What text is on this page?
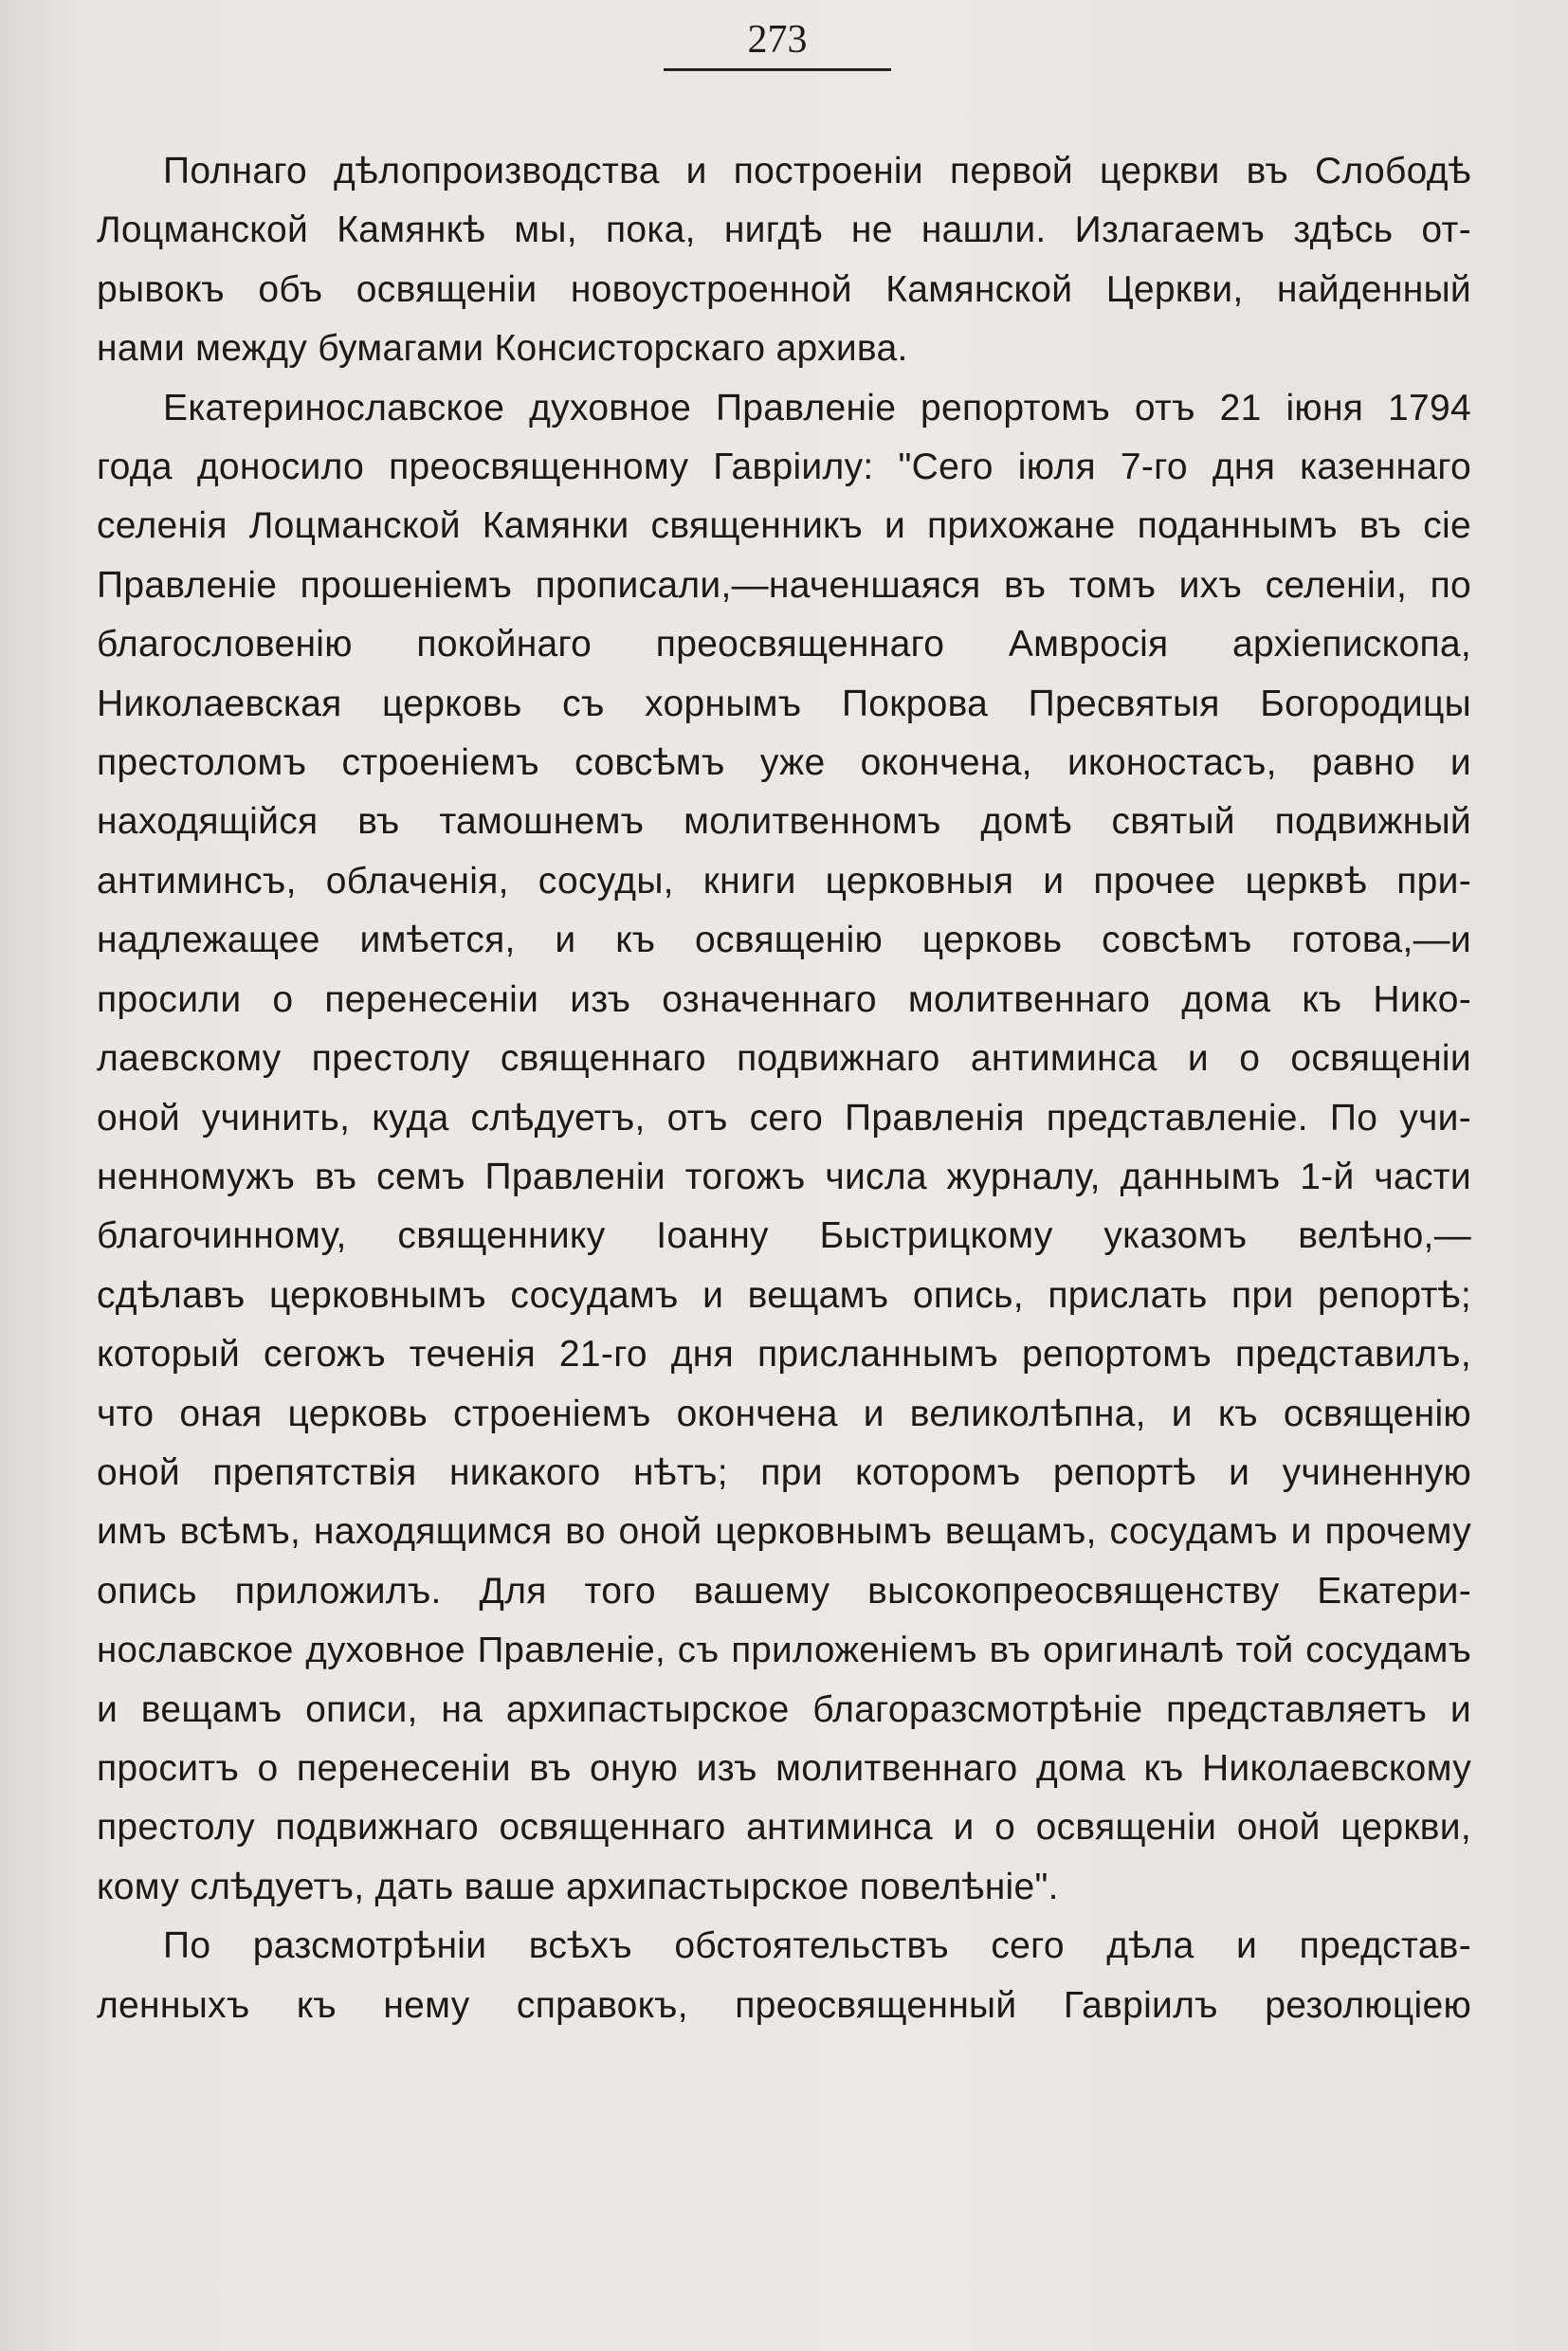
273
Полнаго дѣлопроизводства и построеніи первой церкви въ Слободѣ
Лоцманской Камянкѣ мы, пока, нигдѣ не нашли. Излагаемъ здѣсь от-
рывокъ объ освященіи новоустроенной Камянской Церкви, найденный
нами между бумагами Консисторскаго архива.
Екатеринославское духовное Правленіе репортомъ отъ 21 іюня 1794
года доносило преосвященному Гавріилу: "Сего іюля 7-го дня казеннаго
селенія Лоцманской Камянки священникъ и прихожане поданнымъ въ сіе
Правленіе прошеніемъ прописали,—наченшаяся въ томъ ихъ селеніи, по
благословенію покойнаго преосвященнаго Амвросія архіепископа,
Николаевская церковь съ хорнымъ Покрова Пресвятыя Богородицы
престоломъ строеніемъ совсѣмъ уже окончена, иконостасъ, равно и
находящійся въ тамошнемъ молитвенномъ домѣ святый подвижный
антиминсъ, облаченія, сосуды, книги церковныя и прочее церквѣ при-
надлежащее имѣется, и къ освященію церковь совсѣмъ готова,—и
просили о перенесеніи изъ означеннаго молитвеннаго дома къ Нико-
лаевскому престолу священнаго подвижнаго антиминса и о освященіи
оной учинить, куда слѣдуетъ, отъ сего Правленія представленіе. По учи-
ненномужъ въ семъ Правленіи тогожъ числа журналу, даннымъ 1-й части
благочинному, священнику Іоанну Быстрицкому указомъ велѣно,—
сдѣлавъ церковнымъ сосудамъ и вещамъ опись, прислать при репортѣ;
который сегожъ теченія 21-го дня присланнымъ репортомъ представилъ,
что оная церковь строеніемъ окончена и великолѣпна, и къ освященію
оной препятствія никакого нѣтъ; при которомъ репортѣ и учиненную
имъ всѣмъ, находящимся во оной церковнымъ вещамъ, сосудамъ и прочему
опись приложилъ. Для того вашему высокопреосвященству Екатери-
нославское духовное Правленіе, съ приложеніемъ въ оригиналѣ той сосудамъ
и вещамъ описи, на архипастырское благоразсмотрѣніе представляетъ и
проситъ о перенесеніи въ оную изъ молитвеннаго дома къ Николаевскому
престолу подвижнаго освященнаго антиминса и о освященіи оной церкви,
кому слѣдуетъ, дать ваше архипастырское повелѣніе".
По разсмотрѣніи всѣхъ обстоятельствъ сего дѣла и представ-
ленныхъ къ нему справокъ, преосвященный Гавріилъ резолюціею
